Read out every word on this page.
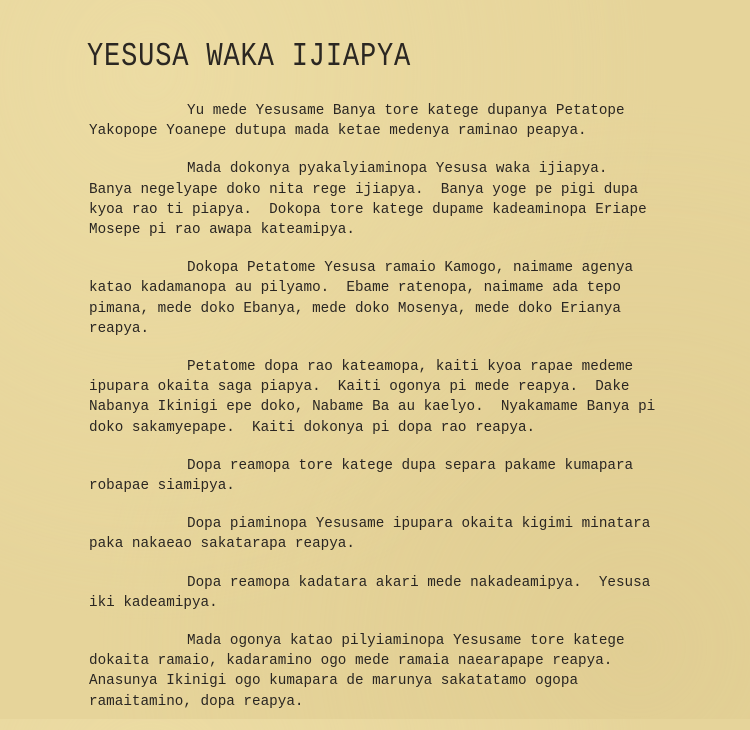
YESUSA WAKA IJIAPYA

Yu mede Yesusame Banya tore katege dupanya Petatope
Yakopope Yoanepe dutupa mada ketae medenya raminao peapya.

Mada dokonya pyakalyiaminopa Yesusa waka ijiapya.
Banya negelyape doko nita rege ijiapya.  Banya yoge pe pigi dupa
kyoa rao ti piapya.  Dokopa tore katege dupame kadeaminopa Eriape
Mosepe pi rao awapa kateamipya.

Dokopa Petatome Yesusa ramaio Kamogo, naimame agenya
katao kadamanopa au pilyamo.  Ebame ratenopa, naimame ada tepo
pimana, mede doko Ebanya, mede doko Mosenya, mede doko Erianya
reapya.

Petatome dopa rao kateamopa, kaiti kyoa rapae medeme
ipupara okaita saga piapya.  Kaiti ogonya pi mede reapya.  Dake
Nabanya Ikinigi epe doko, Nabame Ba au kaelyo.  Nyakamame Banya pi
doko sakamyepape.  Kaiti dokonya pi dopa rao reapya.

Dopa reamopa tore katege dupa separa pakame kumapara
robapae siamipya.

Dopa piaminopa Yesusame ipupara okaita kigimi minatara
paka nakaeao sakatarapa reapya.

Dopa reamopa kadatara akari mede nakadeamipya.  Yesusa
iki kadeamipya.

Mada ogonya katao pilyiaminopa Yesusame tore katege
dokaita ramaio, kadaramino ogo mede ramaia naearapape reapya.
Anasunya Ikinigi ogo kumapara de marunya sakatatamo ogopa
ramaitamino, dopa reapya.
